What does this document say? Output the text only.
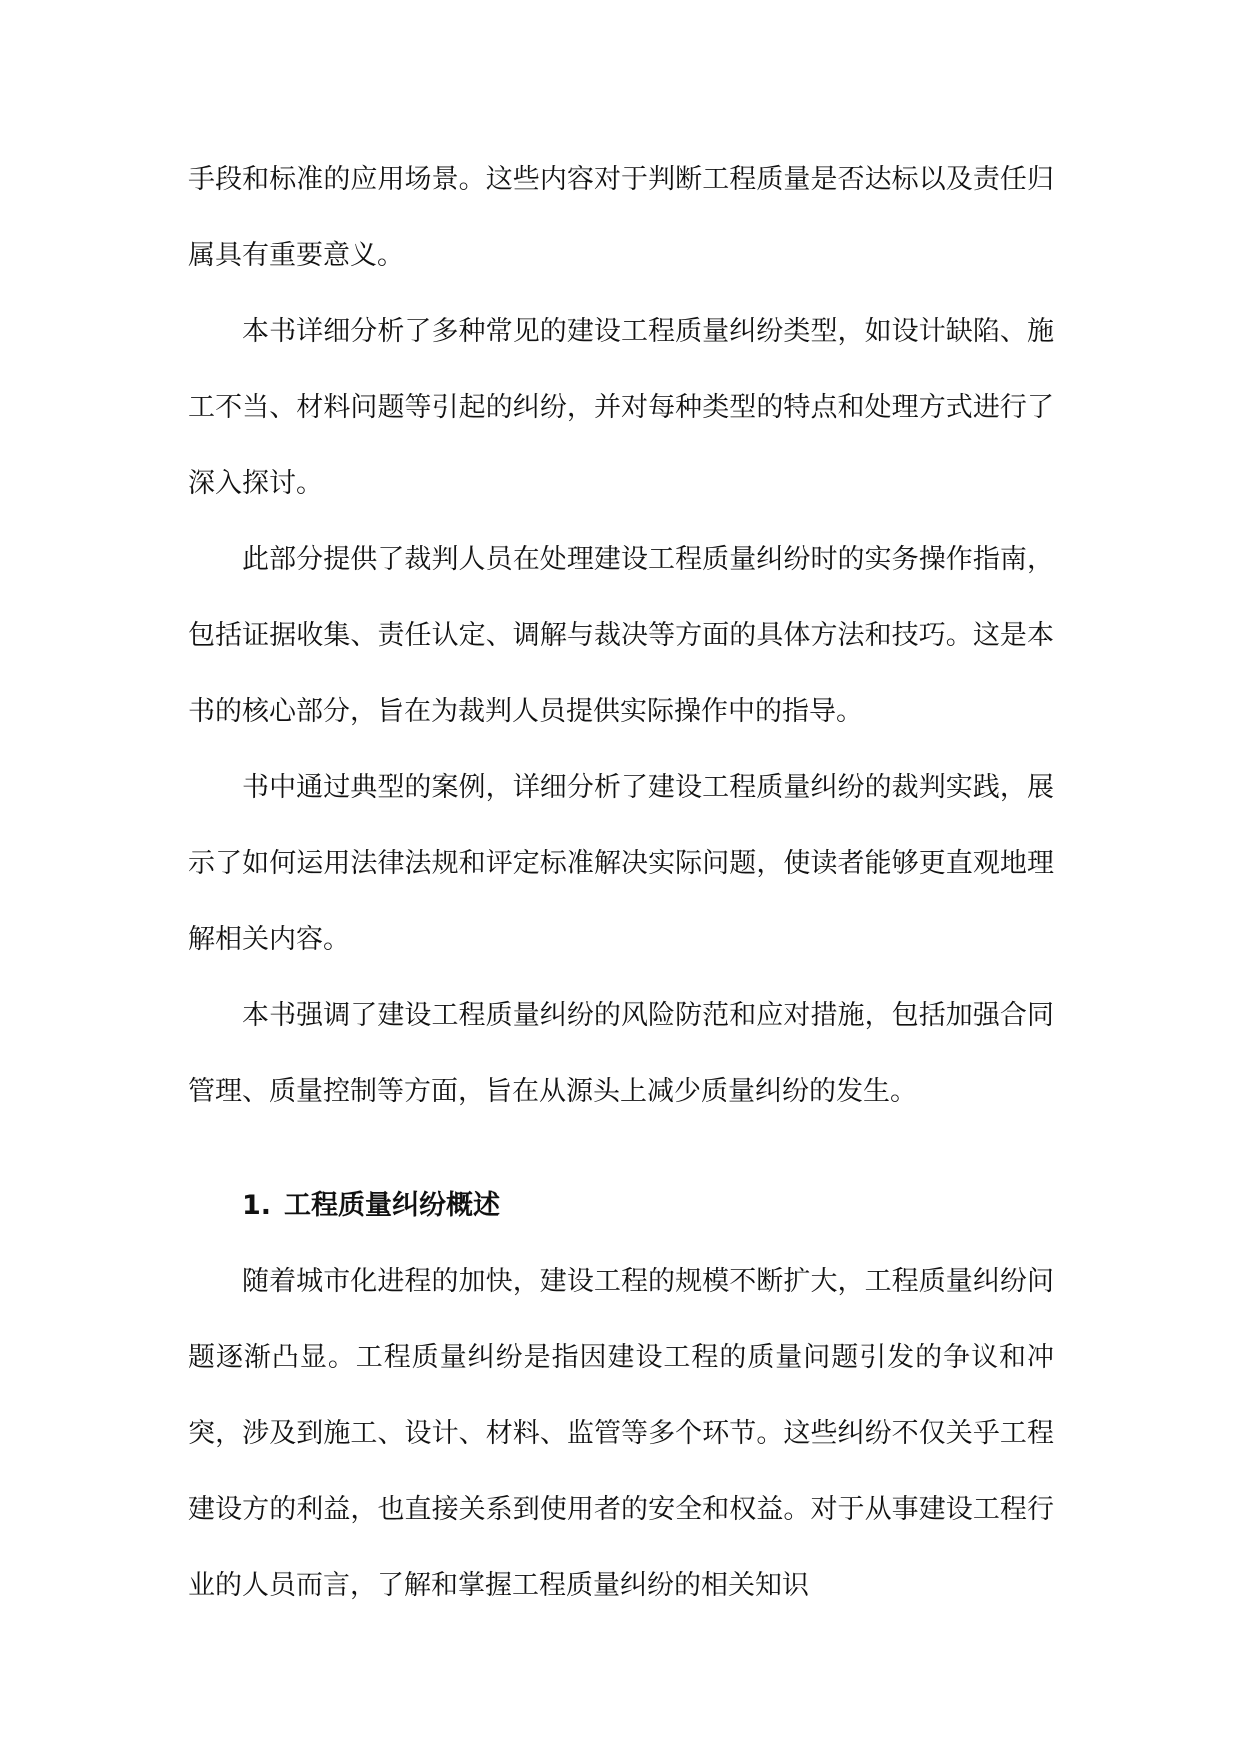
手段和标准的应用场景。这些内容对于判断工程质量是否达标以及责任归属具有重要意义。

本书详细分析了多种常见的建设工程质量纠纷类型，如设计缺陷、施工不当、材料问题等引起的纠纷，并对每种类型的特点和处理方式进行了深入探讨。

此部分提供了裁判人员在处理建设工程质量纠纷时的实务操作指南，包括证据收集、责任认定、调解与裁决等方面的具体方法和技巧。这是本书的核心部分，旨在为裁判人员提供实际操作中的指导。

书中通过典型的案例，详细分析了建设工程质量纠纷的裁判实践，展示了如何运用法律法规和评定标准解决实际问题，使读者能够更直观地理解相关内容。

本书强调了建设工程质量纠纷的风险防范和应对措施，包括加强合同管理、质量控制等方面，旨在从源头上减少质量纠纷的发生。

1. 工程质量纠纷概述

随着城市化进程的加快，建设工程的规模不断扩大，工程质量纠纷问题逐渐凸显。工程质量纠纷是指因建设工程的质量问题引发的争议和冲突，涉及到施工、设计、材料、监管等多个环节。这些纠纷不仅关乎工程建设方的利益，也直接关系到使用者的安全和权益。对于从事建设工程行业的人员而言，了解和掌握工程质量纠纷的相关知识
